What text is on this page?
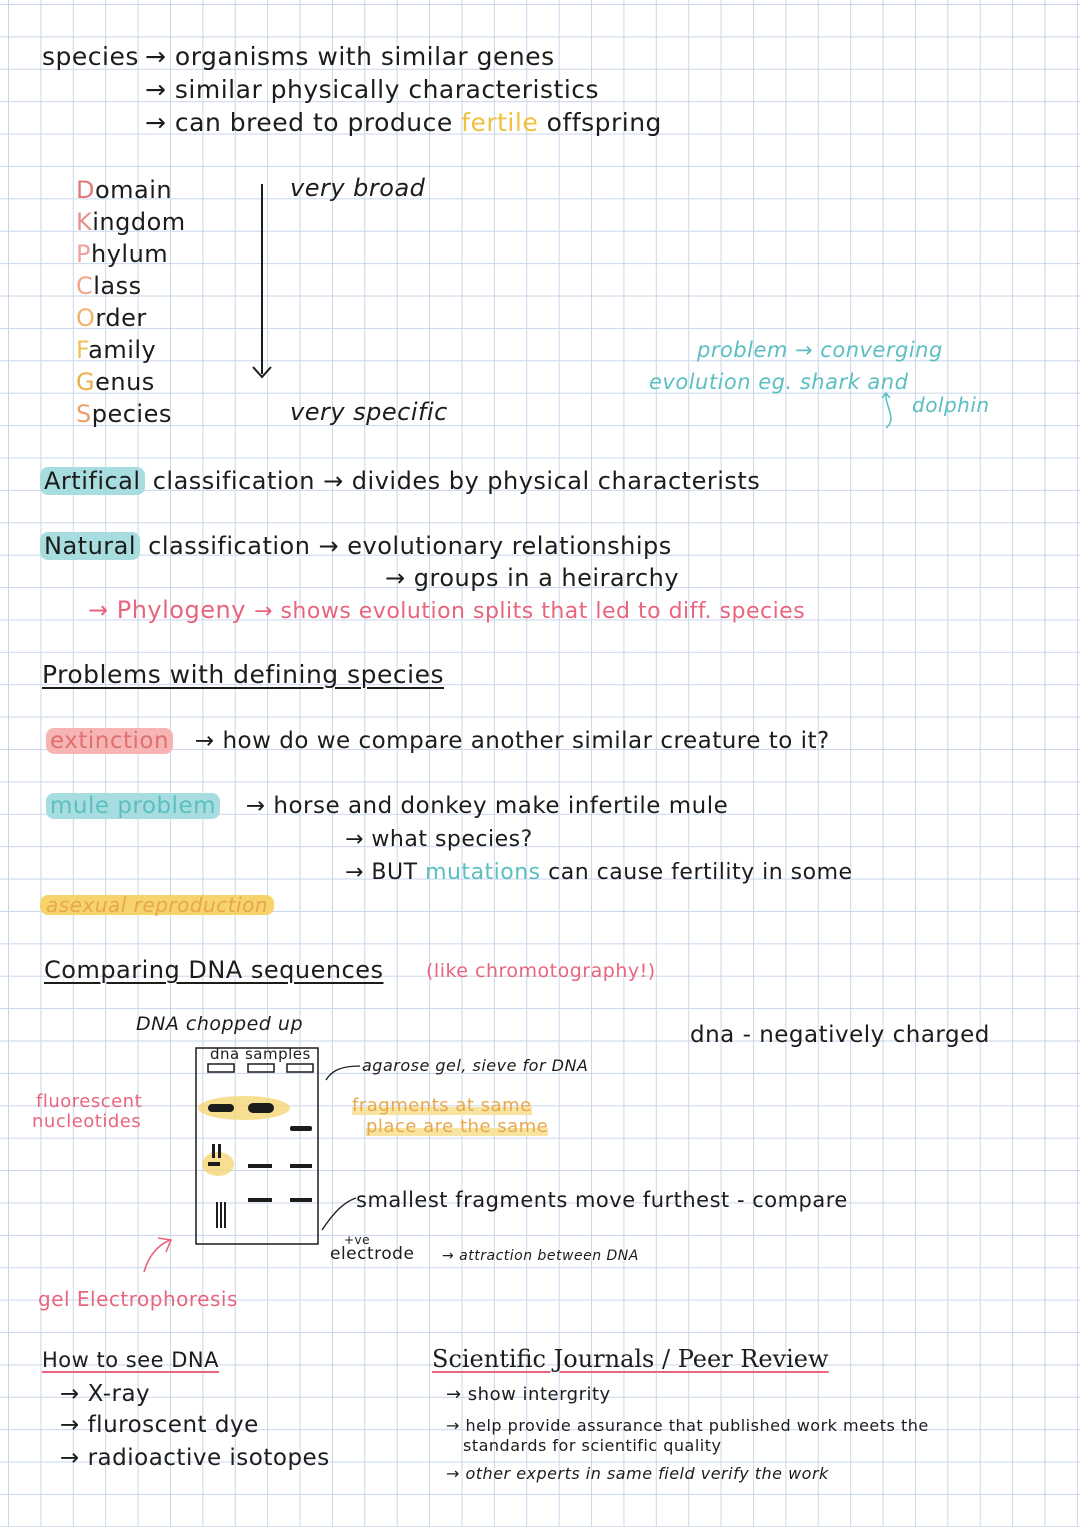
species → organisms with similar genes
→ similar physically characteristics
→ can breed to produce fertile offspring
Domain
Kingdom
Phylum
Class
Order
Family
Genus
Species
very broad
very specific
problem → converging
evolution eg. shark and
dolphin
Artifical classification → divides by physical characterists
Natural classification → evolutionary relationships
→ groups in a heirarchy
→ Phylogeny → shows evolution splits that led to diff. species
Problems with defining species
extinction → how do we compare another similar creature to it?
mule problem → horse and donkey make infertile mule
→ what species?
→ BUT mutations can cause fertility in some
asexual reproduction
Comparing DNA sequences (like chromotography!)
DNA chopped up	dna - negatively charged
dna samples
agarose gel, sieve for DNA
fluorescent
nucleotides
fragments at same
place are the same
smallest fragments move furthest - compare
+ve
electrode → attraction between DNA
gel Electrophoresis
How to see DNA
→ X-ray
→ fluroscent dye
→ radioactive isotopes
Scientific Journals / Peer Review
→ show intergrity
→ help provide assurance that published work meets the
standards for scientific quality
→ other experts in same field verify the work
